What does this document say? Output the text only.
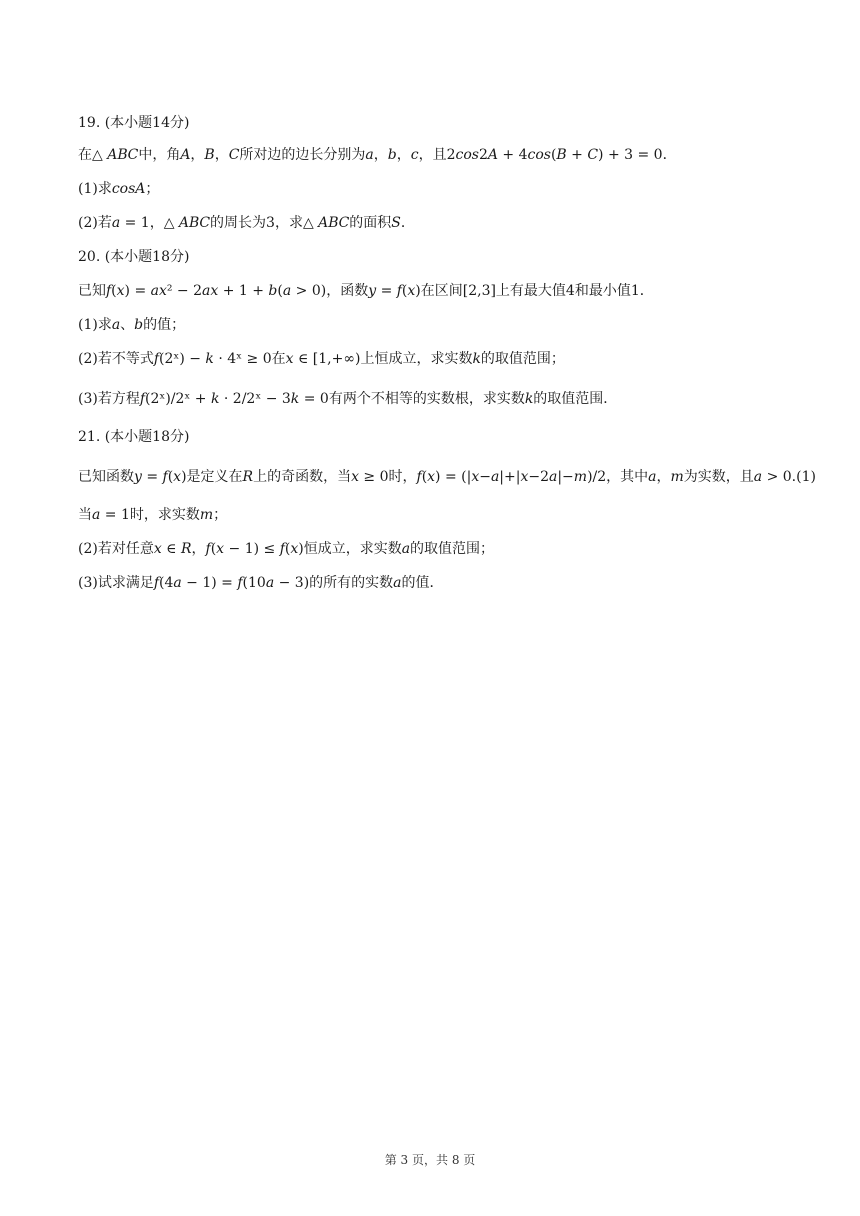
19. (本小题14分)
在△ 𝐴𝐵𝐶中，角𝐴，𝐵，𝐶所对边的边长分别为𝑎，𝑏，𝑐，且2𝑐𝑜𝑠2𝐴 + 4𝑐𝑜𝑠(𝐵 + 𝐶) + 3 = 0．
(1)求𝑐𝑜𝑠𝐴；
(2)若𝑎 = 1，△ 𝐴𝐵𝐶的周长为3，求△ 𝐴𝐵𝐶的面积𝑆．
20. (本小题18分)
已知𝑓(𝑥) = 𝑎𝑥² − 2𝑎𝑥 + 1 + 𝑏(𝑎 > 0)，函数𝑦 = 𝑓(𝑥)在区间[2,3]上有最大值4和最小值1．
(1)求𝑎、𝑏的值；
(2)若不等式𝑓(2ˣ) − 𝑘 · 4ˣ ≥ 0在𝑥 ∈ [1,+∞)上恒成立，求实数𝑘的取值范围；
(3)若方程𝑓(2ˣ)/2ˣ + 𝑘 · 2/2ˣ − 3𝑘 = 0有两个不相等的实数根，求实数𝑘的取值范围．
21. (本小题18分)
已知函数𝑦 = 𝑓(𝑥)是定义在𝑅上的奇函数，当𝑥 ≥ 0时，𝑓(𝑥) = (|𝑥−𝑎|+|𝑥−2𝑎|−𝑚)/2，其中𝑎，𝑚为实数，且𝑎 > 0.(1)
当𝑎 = 1时，求实数𝑚；
(2)若对任意𝑥 ∈ 𝑅，𝑓(𝑥 − 1) ≤ 𝑓(𝑥)恒成立，求实数𝑎的取值范围；
(3)试求满足𝑓(4𝑎 − 1) = 𝑓(10𝑎 − 3)的所有的实数𝑎的值．
第 3 页，共 8 页
